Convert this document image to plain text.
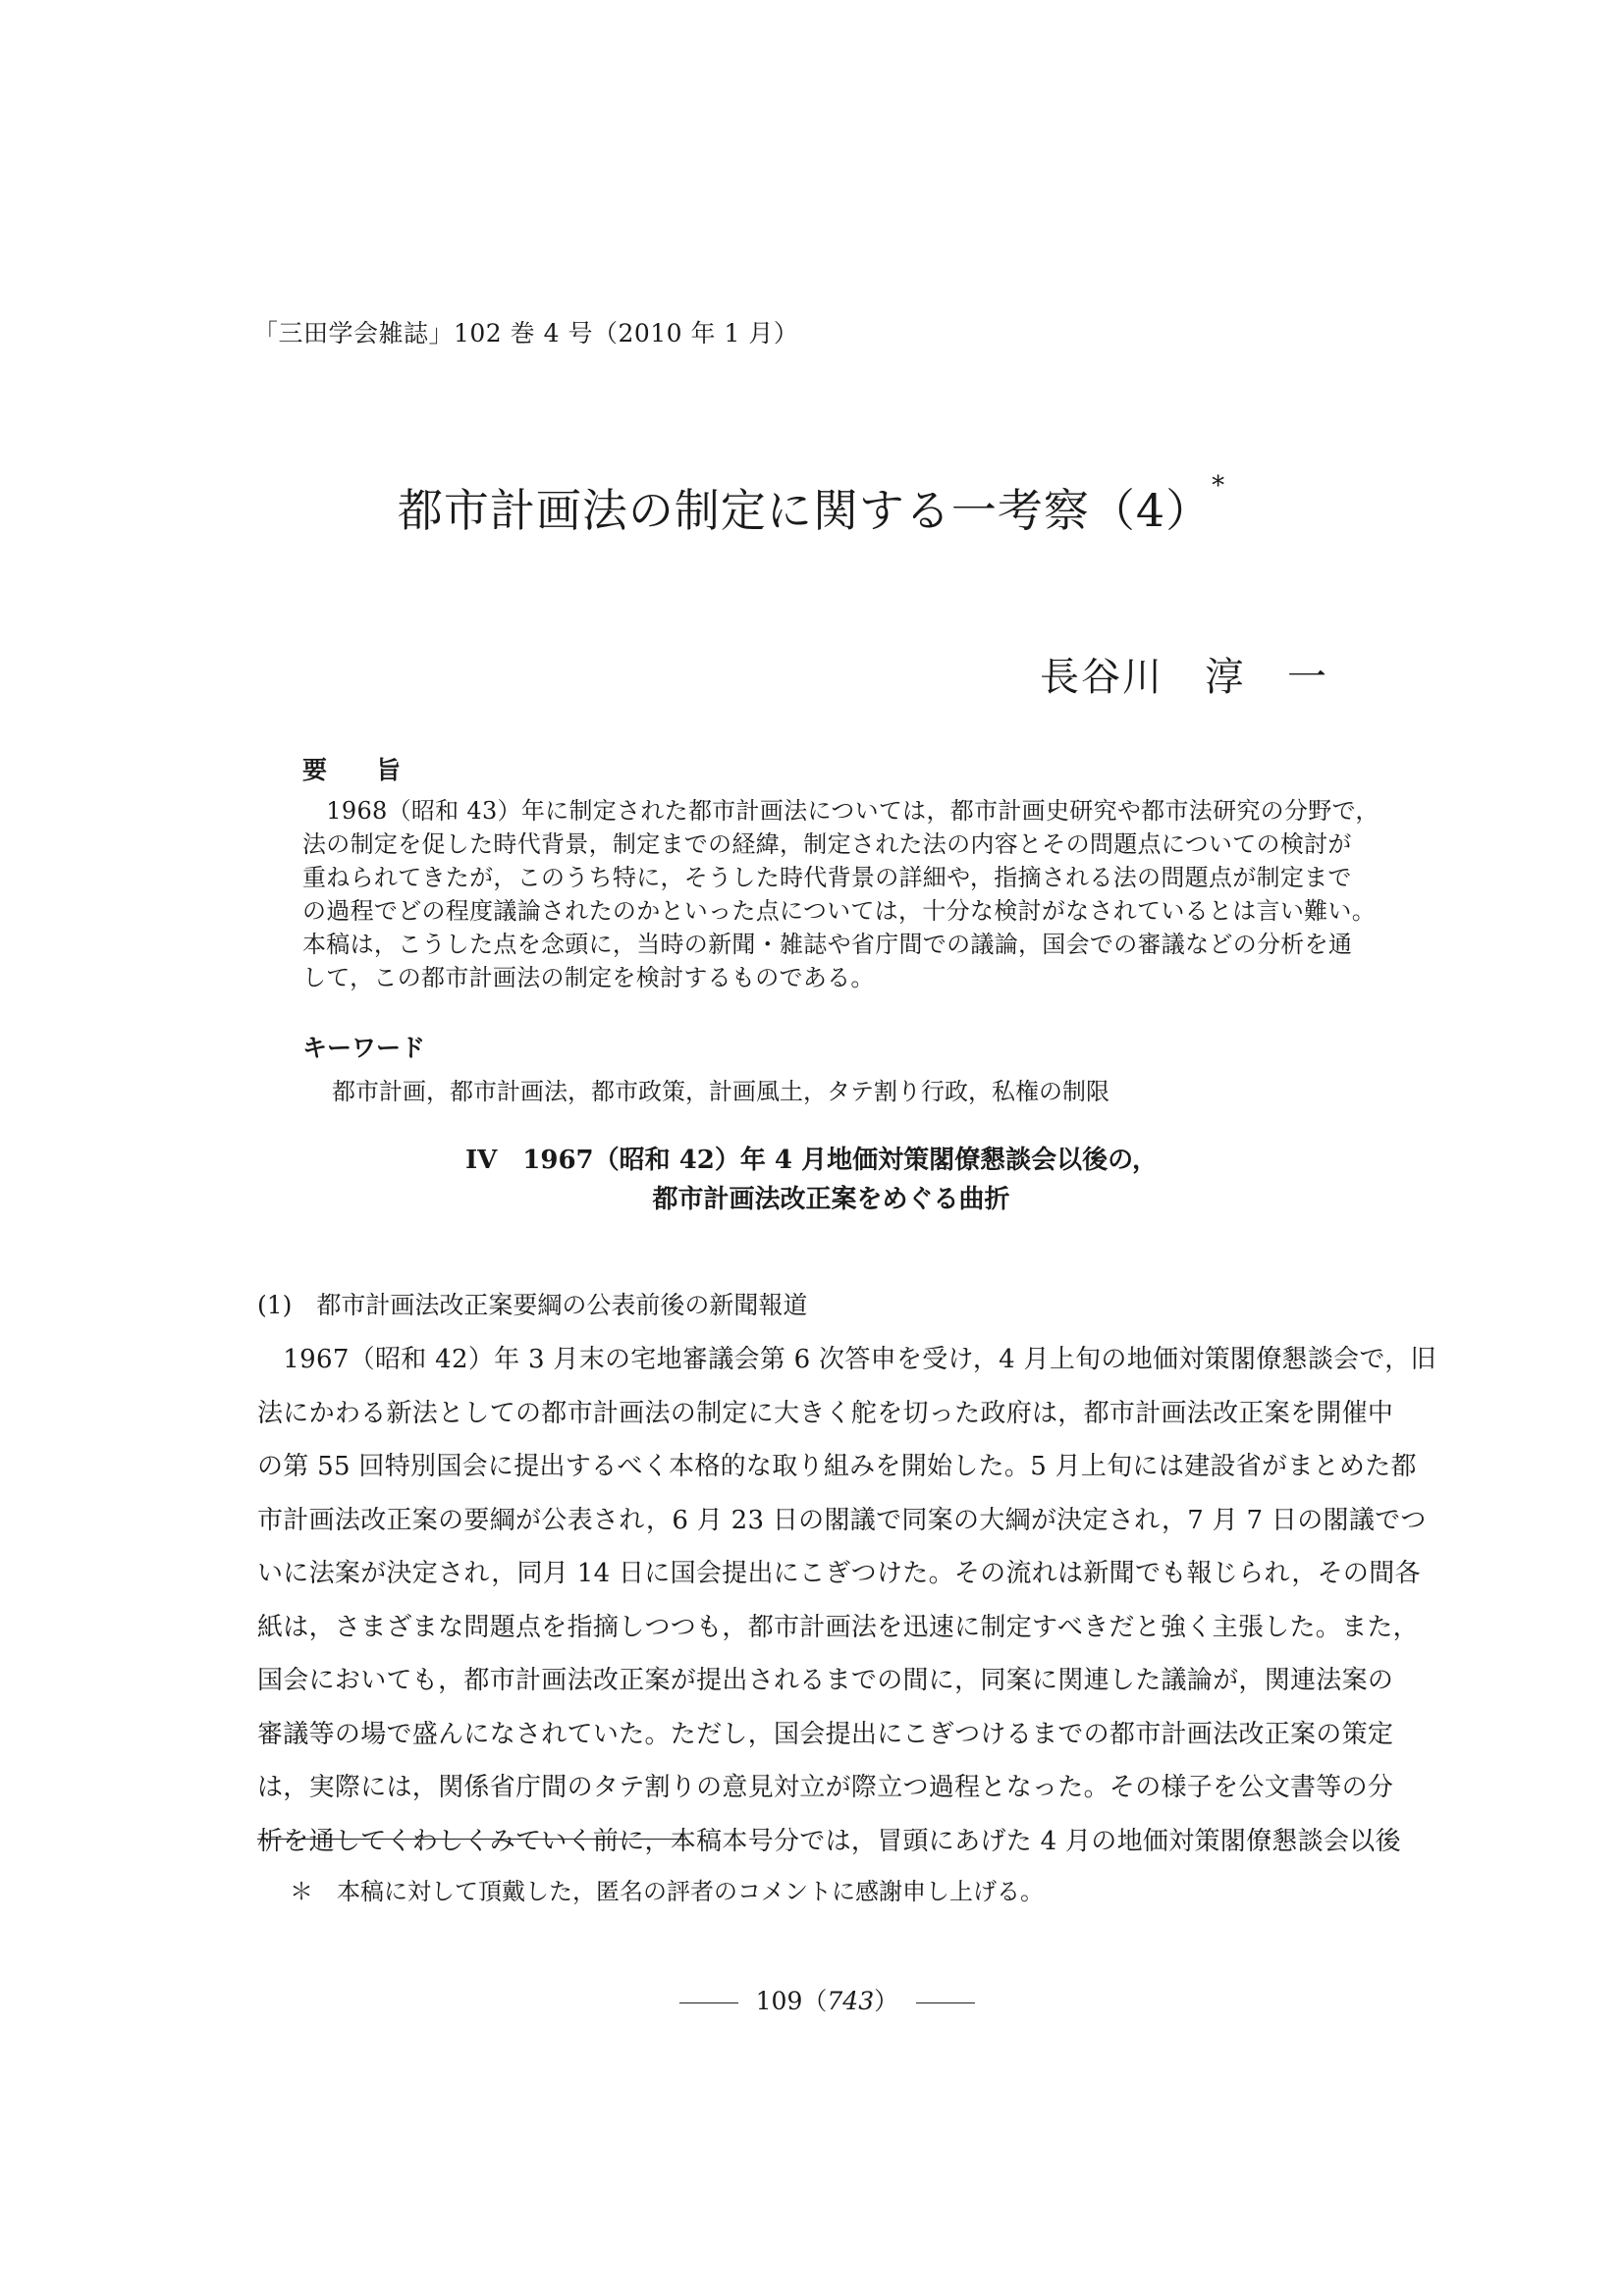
「三田学会雑誌」102 巻 4 号（2010 年 1 月）
都市計画法の制定に関する一考察（4）*
長谷川　淳　一
要　　旨
　1968（昭和 43）年に制定された都市計画法については，都市計画史研究や都市法研究の分野で，
法の制定を促した時代背景，制定までの経緯，制定された法の内容とその問題点についての検討が
重ねられてきたが，このうち特に，そうした時代背景の詳細や，指摘される法の問題点が制定まで
の過程でどの程度議論されたのかといった点については，十分な検討がなされているとは言い難い。
本稿は，こうした点を念頭に，当時の新聞・雑誌や省庁間での議論，国会での審議などの分析を通
して，この都市計画法の制定を検討するものである。
キーワード
都市計画，都市計画法，都市政策，計画風土，タテ割り行政，私権の制限
IV　1967（昭和 42）年 4 月地価対策閣僚懇談会以後の，
都市計画法改正案をめぐる曲折
(1)　都市計画法改正案要綱の公表前後の新聞報道
　1967（昭和 42）年 3 月末の宅地審議会第 6 次答申を受け，4 月上旬の地価対策閣僚懇談会で，旧
法にかわる新法としての都市計画法の制定に大きく舵を切った政府は，都市計画法改正案を開催中
の第 55 回特別国会に提出するべく本格的な取り組みを開始した。5 月上旬には建設省がまとめた都
市計画法改正案の要綱が公表され，6 月 23 日の閣議で同案の大綱が決定され，7 月 7 日の閣議でつ
いに法案が決定され，同月 14 日に国会提出にこぎつけた。その流れは新聞でも報じられ，その間各
紙は，さまざまな問題点を指摘しつつも，都市計画法を迅速に制定すべきだと強く主張した。また，
国会においても，都市計画法改正案が提出されるまでの間に，同案に関連した議論が，関連法案の
審議等の場で盛んになされていた。ただし，国会提出にこぎつけるまでの都市計画法改正案の策定
は，実際には，関係省庁間のタテ割りの意見対立が際立つ過程となった。その様子を公文書等の分
析を通してくわしくみていく前に，本稿本号分では，冒頭にあげた 4 月の地価対策閣僚懇談会以後
＊　本稿に対して頂戴した，匿名の評者のコメントに感謝申し上げる。

109（743）
